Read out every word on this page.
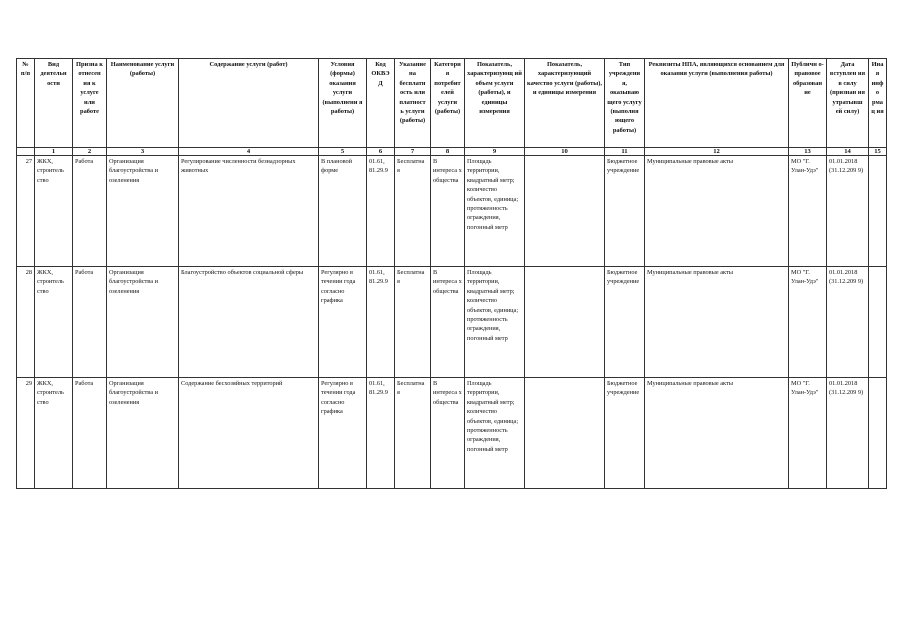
№ п/п	Вид деятельн ости	Призна к отнесен ия к услуге или работе	Наименование услуги (работы)	Содержание услуги (работ)	Условия (формы) оказания услуги (выполнени я работы)	Код ОКВЭ Д	Указание на бесплатн ость или платност ь услуги (работы)	Категори я потребит елей услуги (работы)	Показатель, характеризующ ий объем услуги (работы), и единицы измерения	Показатель, характеризующий качество услуги (работы), и единицы измерения	Тип учреждени я, оказываю щего услугу (выполня ющего работы)	Реквизиты НПА, являющихся основанием для оказания услуги (выполнения работы)	Публичн о-правовое образован ие	Дата вступлен ия в силу (признан ия утратывш ей силу)	Иная инфо рмац ия
	1	2	3	4	5	6	7	8	9	10	11	12	13	14	15
27	ЖКХ, строитель ство	Работа	Организация благоустройства и озеленения	Регулирование численности безнадзорных животных	В плановой форме	01.61, 81.29.9	Бесплатна я	В интереса х общества	Площадь территории, квадратный метр; количество объектов, единица; протяженность ограждения, погонный метр		Бюджетное учреждение	Муниципальные правовые акты	МО "Г. Улан-Удэ"	01.01.2018 (31.12.209 9)	
28	ЖКХ, строитель ство	Работа	Организация благоустройства и озеленения	Благоустройство объектов социальной сферы	Регулярно в течении года согласно графика	01.61, 81.29.9	Бесплатна я	В интереса х общества	Площадь территории, квадратный метр; количество объектов, единица; протяженность ограждения, погонный метр		Бюджетное учреждение	Муниципальные правовые акты	МО "Г. Улан-Удэ"	01.01.2018 (31.12.209 9)	
29	ЖКХ, строитель ство	Работа	Организация благоустройства и озеленения	Содержание бесхозяйных территорий	Регулярно в течении года согласно графика	01.61, 81.29.9	Бесплатна я	В интереса х общества	Площадь территории, квадратный метр; количество объектов, единица; протяженность ограждения, погонный метр		Бюджетное учреждение	Муниципальные правовые акты	МО "Г. Улан-Удэ"	01.01.2018 (31.12.209 9)	
